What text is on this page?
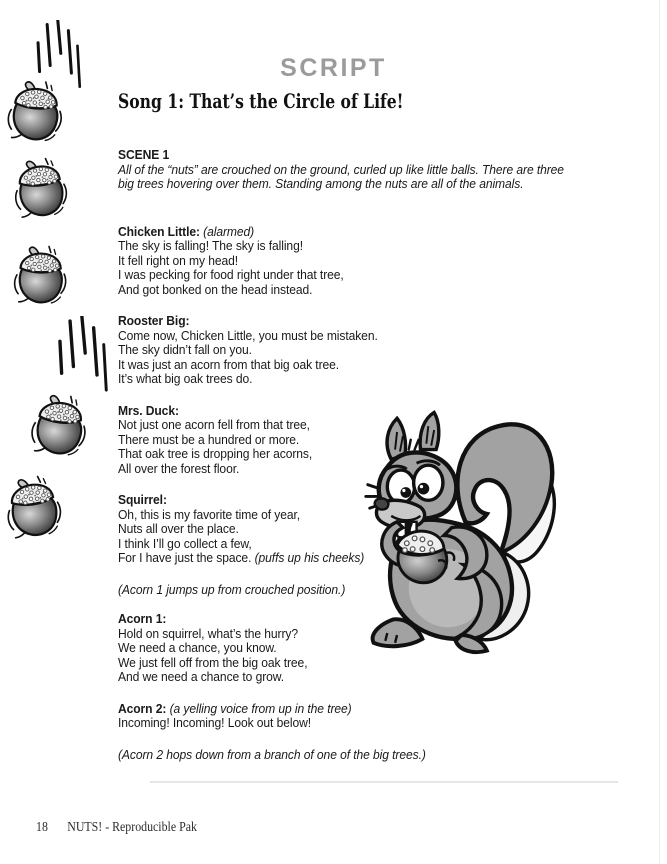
SCRIPT
Song 1: That’s the Circle of Life!
SCENE 1
All of the “nuts” are crouched on the ground, curled up like little balls. There are three
big trees hovering over them. Standing among the nuts are all of the animals.
Chicken Little: (alarmed)
The sky is falling! The sky is falling!
It fell right on my head!
I was pecking for food right under that tree,
And got bonked on the head instead.
Rooster Big:
Come now, Chicken Little, you must be mistaken.
The sky didn’t fall on you.
It was just an acorn from that big oak tree.
It’s what big oak trees do.
Mrs. Duck:
Not just one acorn fell from that tree,
There must be a hundred or more.
That oak tree is dropping her acorns,
All over the forest floor.
Squirrel:
Oh, this is my favorite time of year,
Nuts all over the place.
I think I’ll go collect a few,
For I have just the space. (puffs up his cheeks)
(Acorn 1 jumps up from crouched position.)
Acorn 1:
Hold on squirrel, what’s the hurry?
We need a chance, you know.
We just fell off from the big oak tree,
And we need a chance to grow.
Acorn 2: (a yelling voice from up in the tree)
Incoming! Incoming! Look out below!
(Acorn 2 hops down from a branch of one of the big trees.)
18 NUTS! - Reproducible Pak
